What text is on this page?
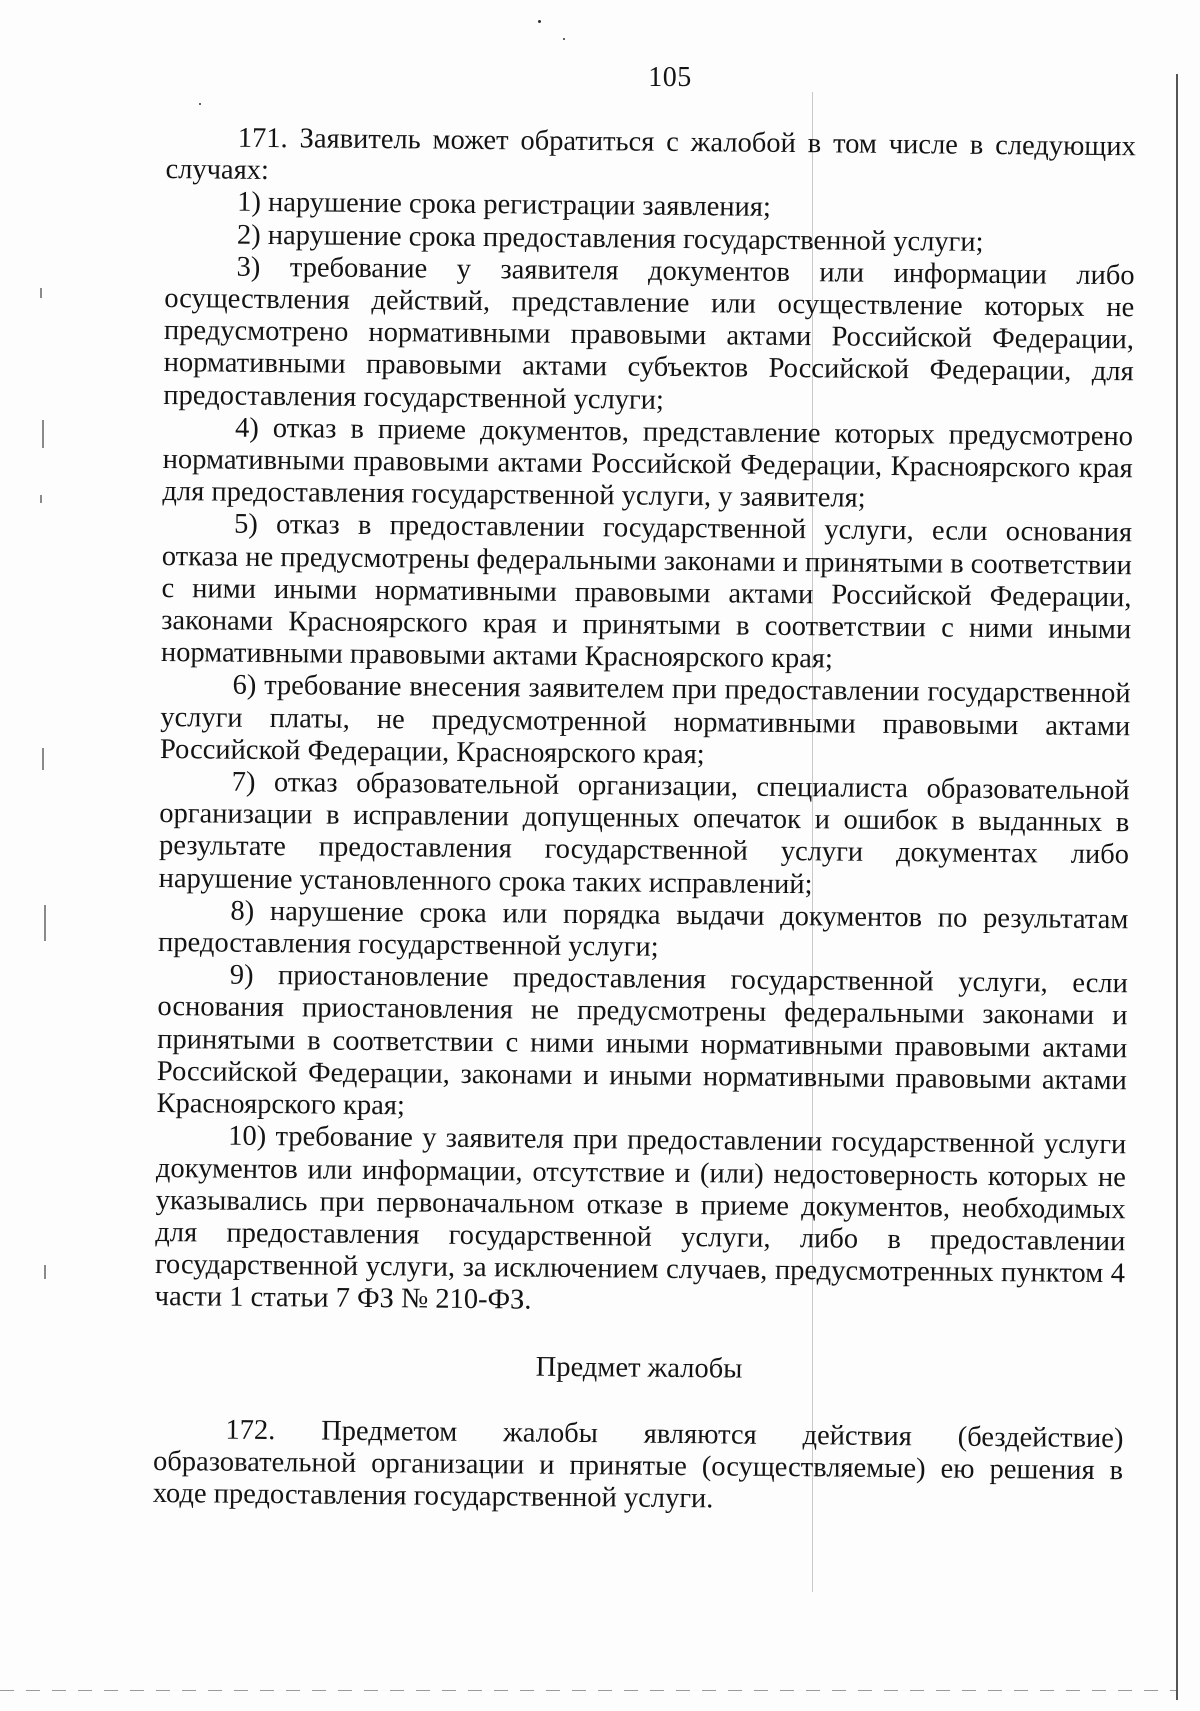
105

171. Заявитель может обратиться с жалобой в том числе в следующих случаях:

1) нарушение срока регистрации заявления;

2) нарушение срока предоставления государственной услуги;

3) требование у заявителя документов или информации либо осуществления действий, представление или осуществление которых не предусмотрено нормативными правовыми актами Российской Федерации, нормативными правовыми актами субъектов Российской Федерации, для предоставления государственной услуги;

4) отказ в приеме документов, представление которых предусмотрено нормативными правовыми актами Российской Федерации, Красноярского края для предоставления государственной услуги, у заявителя;

5) отказ в предоставлении государственной услуги, если основания отказа не предусмотрены федеральными законами и принятыми в соответствии с ними иными нормативными правовыми актами Российской Федерации, законами Красноярского края и принятыми в соответствии с ними иными нормативными правовыми актами Красноярского края;

6) требование внесения заявителем при предоставлении государственной услуги платы, не предусмотренной нормативными правовыми актами Российской Федерации, Красноярского края;

7) отказ образовательной организации, специалиста образовательной организации в исправлении допущенных опечаток и ошибок в выданных в результате предоставления государственной услуги документах либо нарушение установленного срока таких исправлений;

8) нарушение срока или порядка выдачи документов по результатам предоставления государственной услуги;

9) приостановление предоставления государственной услуги, если основания приостановления не предусмотрены федеральными законами и принятыми в соответствии с ними иными нормативными правовыми актами Российской Федерации, законами и иными нормативными правовыми актами Красноярского края;

10) требование у заявителя при предоставлении государственной услуги документов или информации, отсутствие и (или) недостоверность которых не указывались при первоначальном отказе в приеме документов, необходимых для предоставления государственной услуги, либо в предоставлении государственной услуги, за исключением случаев, предусмотренных пунктом 4 части 1 статьи 7 ФЗ № 210-ФЗ.

Предмет жалобы

172. Предметом жалобы являются действия (бездействие) образовательной организации и принятые (осуществляемые) ею решения в ходе предоставления государственной услуги.
